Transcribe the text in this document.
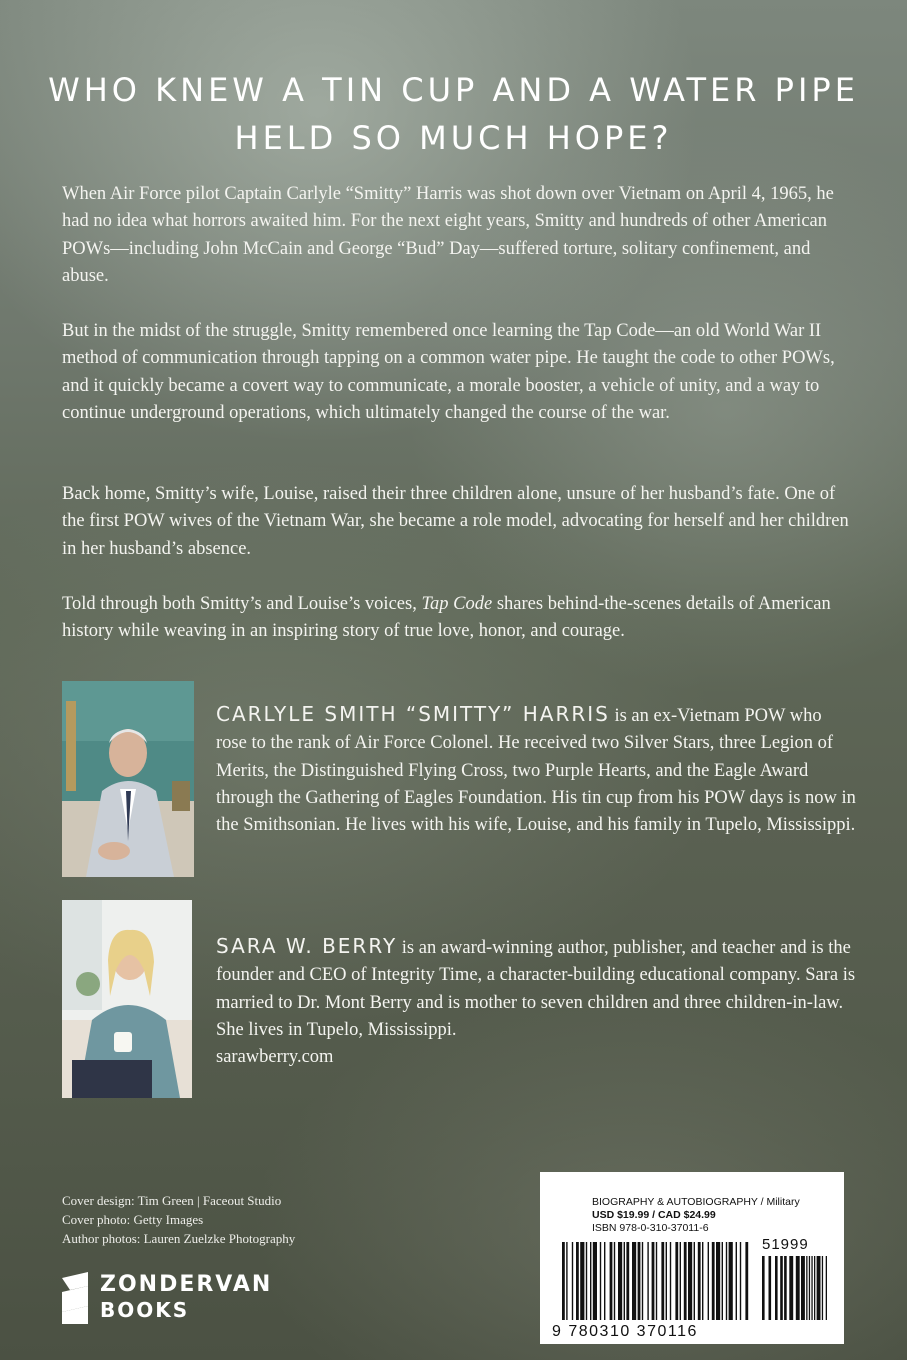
WHO KNEW A TIN CUP AND A WATER PIPE
HELD SO MUCH HOPE?

When Air Force pilot Captain Carlyle “Smitty” Harris was shot down over Vietnam on April 4, 1965, he had no idea what horrors awaited him. For the next eight years, Smitty and hundreds of other American POWs—including John McCain and George “Bud” Day—suffered torture, solitary confinement, and abuse.

But in the midst of the struggle, Smitty remembered once learning the Tap Code—an old World War II method of communication through tapping on a common water pipe. He taught the code to other POWs, and it quickly became a covert way to communicate, a morale booster, a vehicle of unity, and a way to continue underground operations, which ultimately changed the course of the war.

Back home, Smitty’s wife, Louise, raised their three children alone, unsure of her husband’s fate. One of the first POW wives of the Vietnam War, she became a role model, advocating for herself and her children in her husband’s absence.

Told through both Smitty’s and Louise’s voices, Tap Code shares behind-the-scenes details of American history while weaving in an inspiring story of true love, honor, and courage.

CARLYLE SMITH “SMITTY” HARRIS is an ex-Vietnam POW who rose to the rank of Air Force Colonel. He received two Silver Stars, three Legion of Merits, the Distinguished Flying Cross, two Purple Hearts, and the Eagle Award through the Gathering of Eagles Foundation. His tin cup from his POW days is now in the Smithsonian. He lives with his wife, Louise, and his family in Tupelo, Mississippi.
SARA W. BERRY is an award-winning author, publisher, and teacher and is the founder and CEO of Integrity Time, a character-building educational company. Sara is married to Dr. Mont Berry and is mother to seven children and three children-in-law. She lives in Tupelo, Mississippi.
sarawberry.com
Cover design: Tim Green | Faceout Studio
Cover photo: Getty Images
Author photos: Lauren Zuelzke Photography
ZONDERVAN
BOOKS
BIOGRAPHY & AUTOBIOGRAPHY / Military
USD $19.99 / CAD $24.99
ISBN 978-0-310-37011-6
9 780310 370116
51999
